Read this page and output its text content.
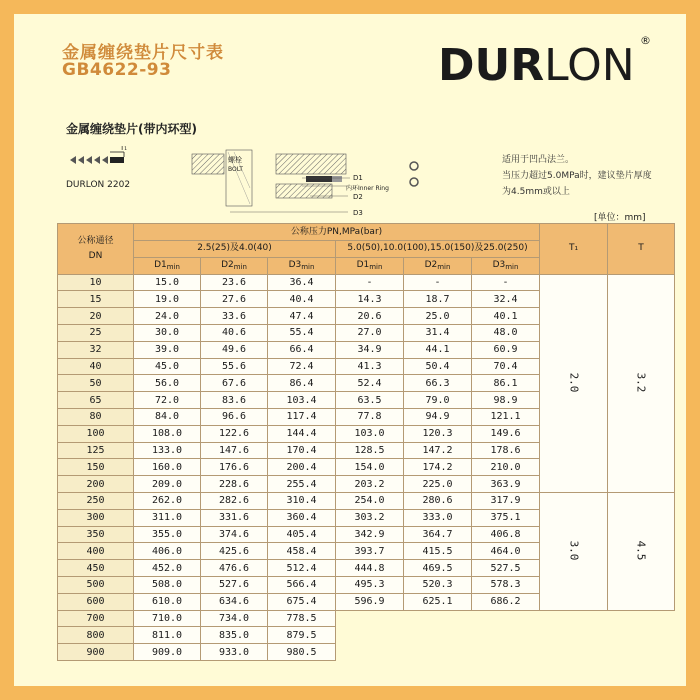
金属缠绕垫片尺寸表
GB4622-93	DURLON ®
金属缠绕垫片(带内环型)
T₁
DURLON 2202
螺栓
BOLT
D1
内环Inner Ring
D2
D3
适用于凹凸法兰。
当压力超过5.0MPa时，建议垫片厚度
为4.5mm或以上
[单位：mm]
公称通径
DN	公称压力PN,MPa(bar)						T₁	T
	2.5(25)及4.0(40)			5.0(50),10.0(100),15.0(150)及25.0(250)				
	$D1_{min}$	$D2_{min}$	$D3_{min}$	$D1_{min}$	$D2_{min}$	$D3_{min}$
10	15.0	23.6	36.4	-	-	-	2.0	3.2
15	19.0	27.6	40.4	14.3	18.7	32.4		
20	24.0	33.6	47.4	20.6	25.0	40.1		
25	30.0	40.6	55.4	27.0	31.4	48.0		
32	39.0	49.6	66.4	34.9	44.1	60.9		
40	45.0	55.6	72.4	41.3	50.4	70.4		
50	56.0	67.6	86.4	52.4	66.3	86.1		
65	72.0	83.6	103.4	63.5	79.0	98.9		
80	84.0	96.6	117.4	77.8	94.9	121.1		
100	108.0	122.6	144.4	103.0	120.3	149.6		
125	133.0	147.6	170.4	128.5	147.2	178.6		
150	160.0	176.6	200.4	154.0	174.2	210.0		
200	209.0	228.6	255.4	203.2	225.0	363.9		
250	262.0	282.6	310.4	254.0	280.6	317.9	3.0	4.5
300	311.0	331.6	360.4	303.2	333.0	375.1		
350	355.0	374.6	405.4	342.9	364.7	406.8		
400	406.0	425.6	458.4	393.7	415.5	464.0		
450	452.0	476.6	512.4	444.8	469.5	527.5		
500	508.0	527.6	566.4	495.3	520.3	578.3		
600	610.0	634.6	675.4	596.9	625.1	686.2		
700	710.0	734.0	778.5					
800	811.0	835.0	879.5					
900	909.0	933.0	980.5					
